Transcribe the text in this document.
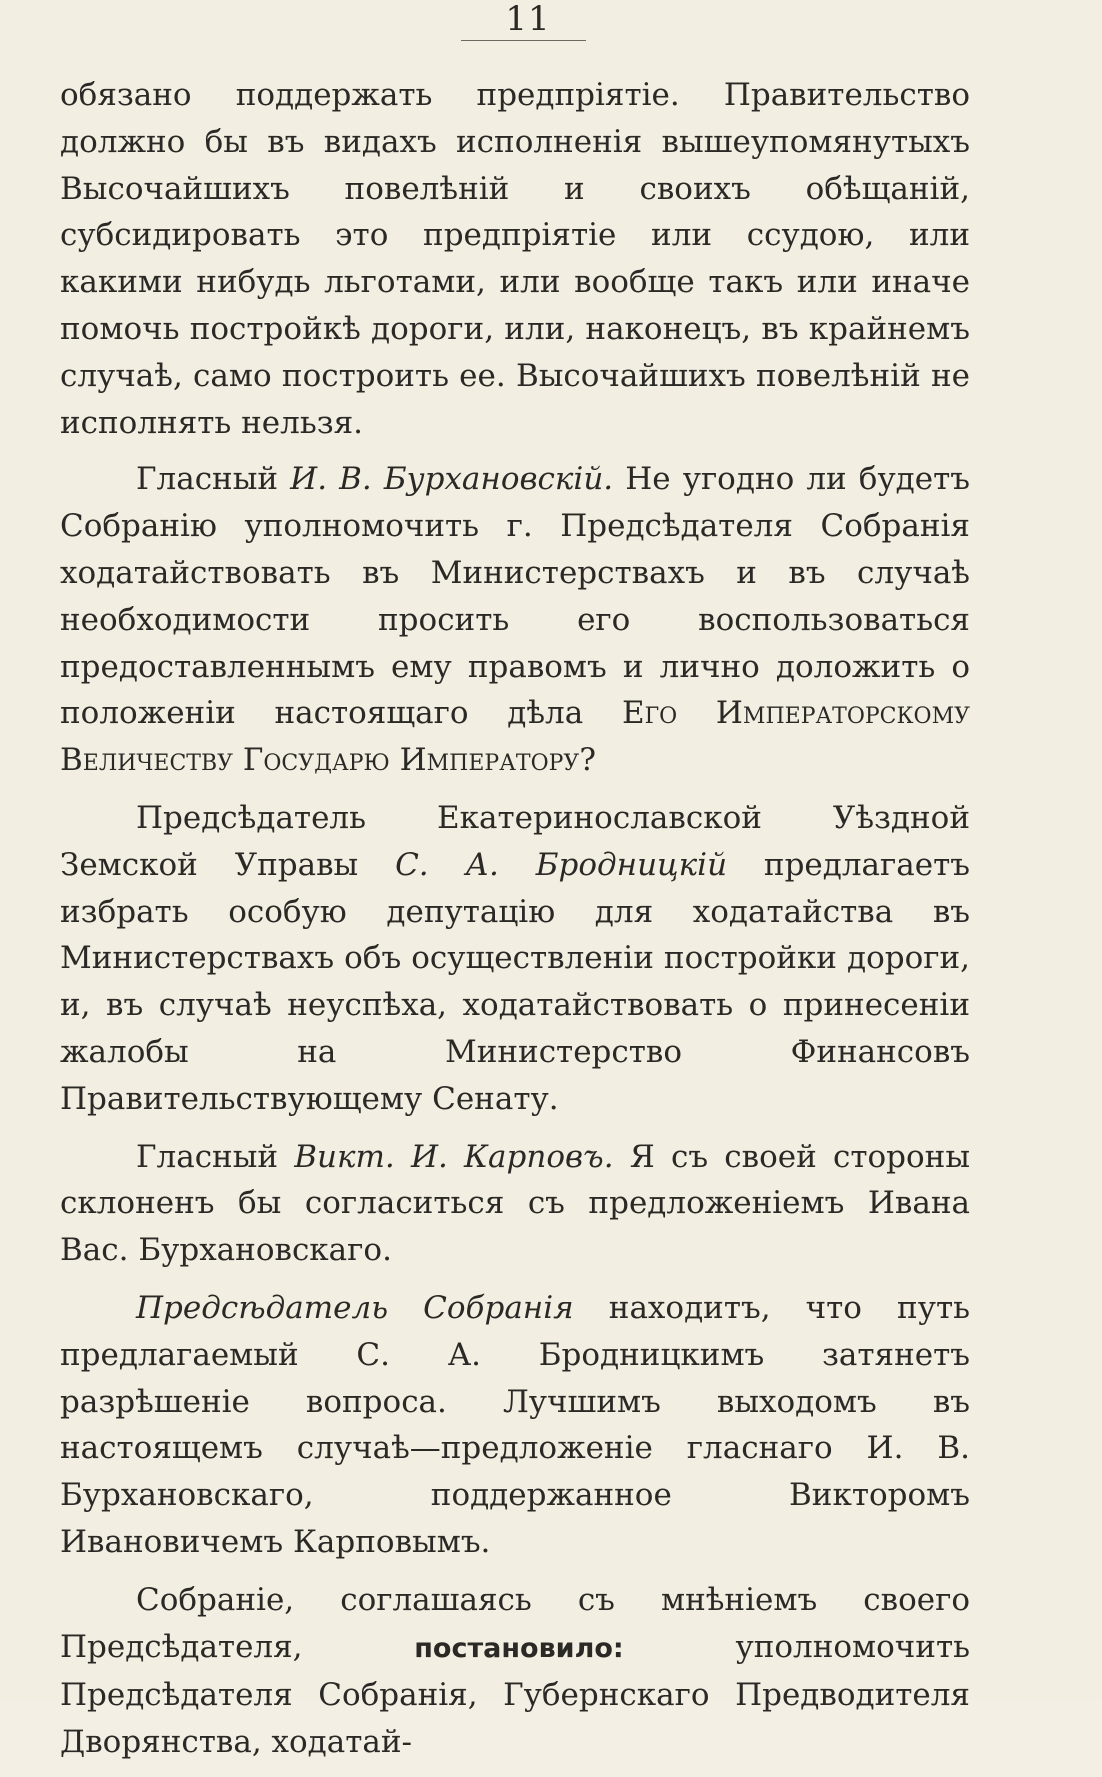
11

обязано поддержать предпріятіе. Правительство должно бы въ видахъ исполненія вышеупомянутыхъ Высочайшихъ повелѣній и своихъ обѣщаній, субсидировать это предпріятіе или ссудою, или какими нибудь льготами, или вообще такъ или иначе помочь постройкѣ дороги, или, наконецъ, въ крайнемъ случаѣ, само построить ее. Высочайшихъ повелѣній не исполнять нельзя.

Гласный И. В. Бурхановскій. Не угодно ли будетъ Собранію уполномочить г. Предсѣдателя Собранія ходатайствовать въ Министерствахъ и въ случаѣ необходимости просить его воспользоваться предоставленнымъ ему правомъ и лично доложить о положеніи настоящаго дѣла Его Императорскому Величеству Государю Императору?

Предсѣдатель Екатеринославской Уѣздной Земской Управы С. А. Бродницкій предлагаетъ избрать особую депутацію для ходатайства въ Министерствахъ объ осуществленіи постройки дороги, и, въ случаѣ неуспѣха, ходатайствовать о принесеніи жалобы на Министерство Финансовъ Правительствующему Сенату.

Гласный Викт. И. Карповъ. Я съ своей стороны склоненъ бы согласиться съ предложеніемъ Ивана Вас. Бурхановскаго.

Предсѣдатель Собранія находитъ, что путь предлагаемый С. А. Бродницкимъ затянетъ разрѣшеніе вопроса. Лучшимъ выходомъ въ настоящемъ случаѣ—предложеніе гласнаго И. В. Бурхановскаго, поддержанное Викторомъ Ивановичемъ Карповымъ.

Собраніе, соглашаясь съ мнѣніемъ своего Предсѣдателя, постановило: уполномочить Предсѣдателя Собранія, Губернскаго Предводителя Дворянства, ходатай-
